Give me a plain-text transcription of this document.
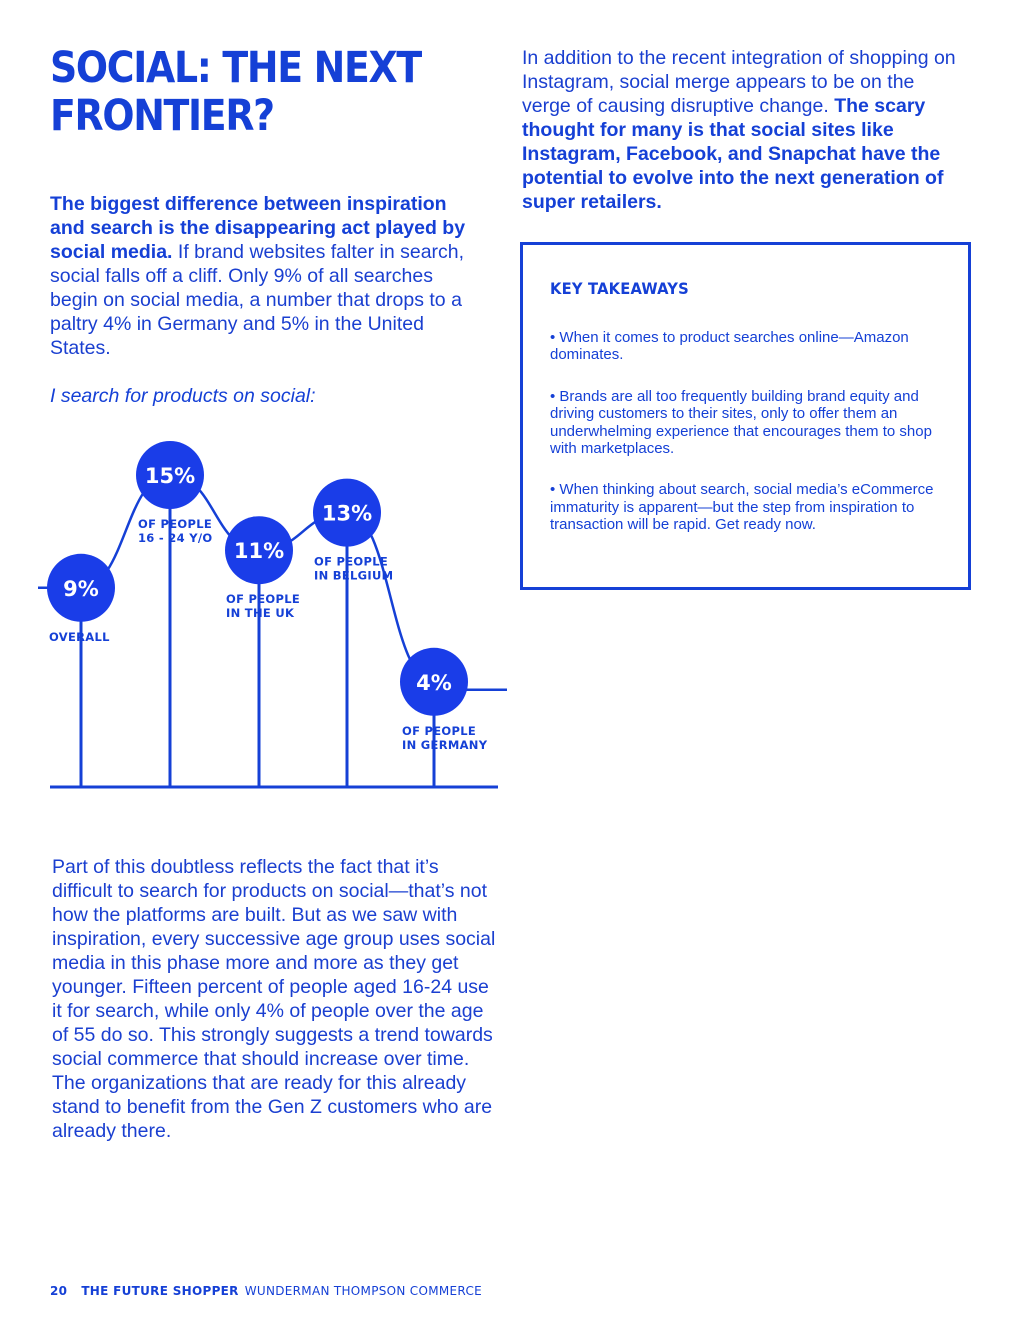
SOCIAL: THE NEXT FRONTIER?

The biggest difference between inspiration and search is the disappearing act played by social media. If brand websites falter in search, social falls off a cliff. Only 9% of all searches begin on social media, a number that drops to a paltry 4% in Germany and 5% in the United States.

I search for products on social:

OVERALL
OF PEOPLE
16 - 24 Y/O
OF PEOPLE
IN THE UK
OF PEOPLE
IN BELGIUM
OF PEOPLE
IN GERMANY
9%
15%
11%
13%
4%

Part of this doubtless reflects the fact that it’s difficult to search for products on social—that’s not how the platforms are built. But as we saw with inspiration, every successive age group uses social media in this phase more and more as they get younger. Fifteen percent of people aged 16-24 use it for search, while only 4% of people over the age of 55 do so. This strongly suggests a trend towards social commerce that should increase over time. The organizations that are ready for this already stand to benefit from the Gen Z customers who are already there.

In addition to the recent integration of shopping on Instagram, social merge appears to be on the verge of causing disruptive change. The scary thought for many is that social sites like Instagram, Facebook, and Snapchat have the potential to evolve into the next generation of super retailers.

KEY TAKEAWAYS
• When it comes to product searches online—Amazon dominates.
• Brands are all too frequently building brand equity and driving customers to their sites, only to offer them an underwhelming experience that encourages them to shop with marketplaces.
• When thinking about search, social media’s eCommerce immaturity is apparent—but the step from inspiration to transaction will be rapid. Get ready now.
20 THE FUTURE SHOPPER WUNDERMAN THOMPSON COMMERCE
